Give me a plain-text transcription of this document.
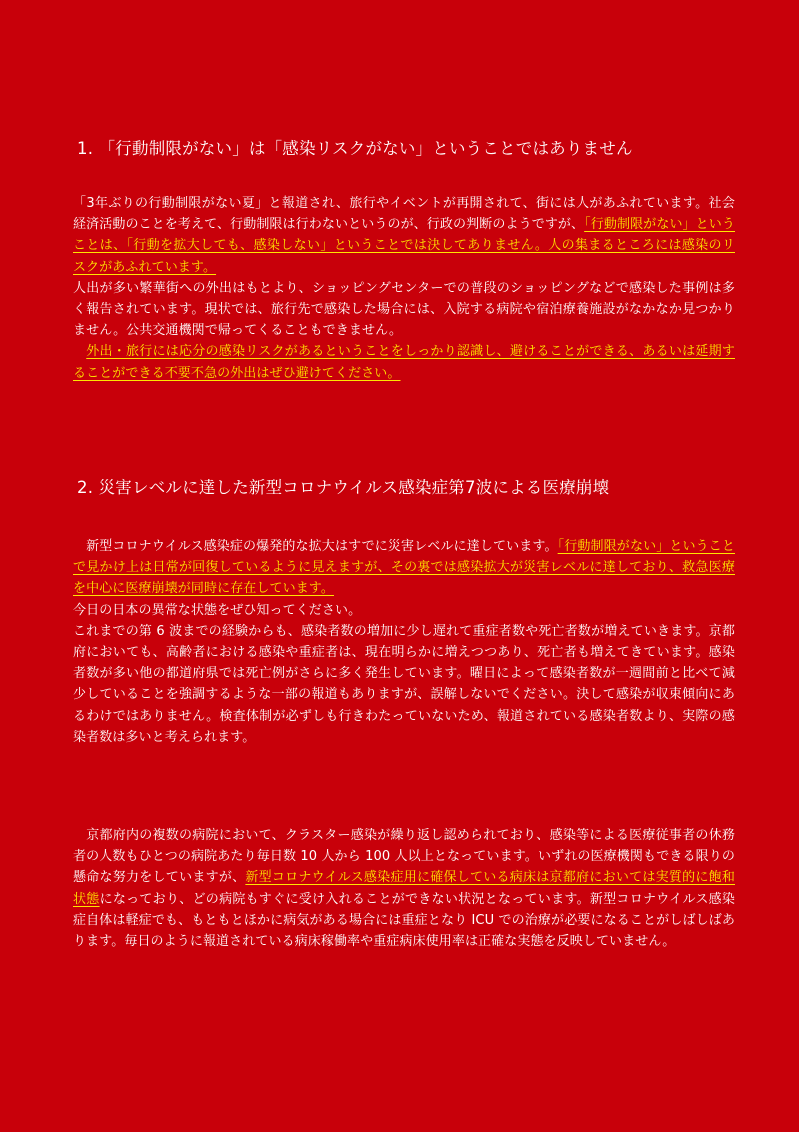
1. 「行動制限がない」は「感染リスクがない」ということではありません

「3年ぶりの行動制限がない夏」と報道され、旅行やイベントが再開されて、街には人があふれています。社会経済活動のことを考えて、行動制限は行わないというのが、行政の判断のようですが、「行動制限がない」ということは、「行動を拡大しても、感染しない」ということでは決してありません。人の集まるところには感染のリスクがあふれています。
人出が多い繁華街への外出はもとより、ショッピングセンターでの普段のショッピングなどで感染した事例は多く報告されています。現状では、旅行先で感染した場合には、入院する病院や宿泊療養施設がなかなか見つかりません。公共交通機関で帰ってくることもできません。
　外出・旅行には応分の感染リスクがあるということをしっかり認識し、避けることができる、あるいは延期することができる不要不急の外出はぜひ避けてください。

2. 災害レベルに達した新型コロナウイルス感染症第7波による医療崩壊

　新型コロナウイルス感染症の爆発的な拡大はすでに災害レベルに達しています。「行動制限がない」ということで見かけ上は日常が回復しているように見えますが、その裏では感染拡大が災害レベルに達しており、救急医療を中心に医療崩壊が同時に存在しています。
今日の日本の異常な状態をぜひ知ってください。
これまでの第 6 波までの経験からも、感染者数の増加に少し遅れて重症者数や死亡者数が増えていきます。京都府においても、高齢者における感染や重症者は、現在明らかに増えつつあり、死亡者も増えてきています。感染者数が多い他の都道府県では死亡例がさらに多く発生しています。曜日によって感染者数が一週間前と比べて減少していることを強調するような一部の報道もありますが、誤解しないでください。決して感染が収束傾向にあるわけではありません。検査体制が必ずしも行きわたっていないため、報道されている感染者数より、実際の感染者数は多いと考えられます。

　京都府内の複数の病院において、クラスター感染が繰り返し認められており、感染等による医療従事者の休務者の人数もひとつの病院あたり毎日数 10 人から 100 人以上となっています。いずれの医療機関もできる限りの懸命な努力をしていますが、新型コロナウイルス感染症用に確保している病床は京都府においては実質的に飽和状態になっており、どの病院もすぐに受け入れることができない状況となっています。新型コロナウイルス感染症自体は軽症でも、もともとほかに病気がある場合には重症となり ICU での治療が必要になることがしばしばあります。毎日のように報道されている病床稼働率や重症病床使用率は正確な実態を反映していません。
